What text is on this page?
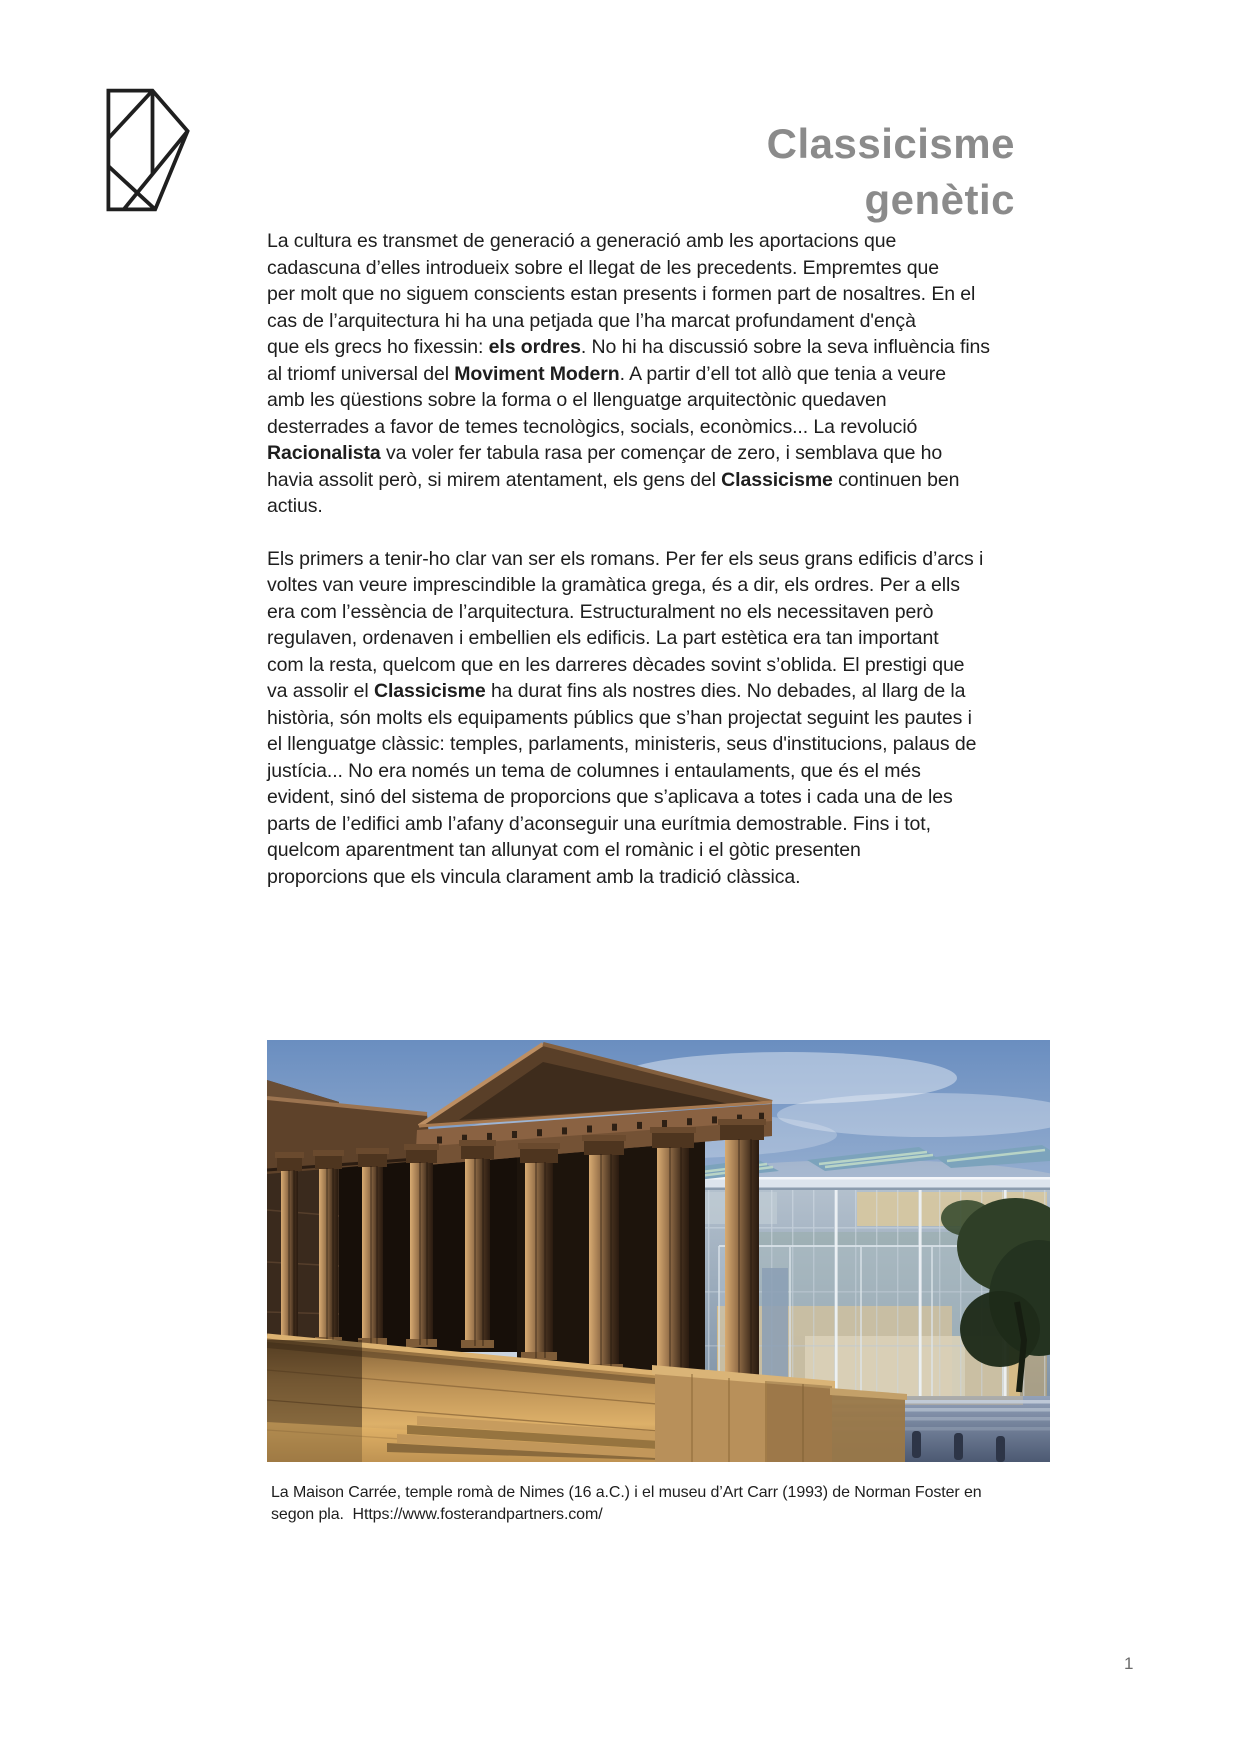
Classicisme
genètic

La cultura es transmet de generació a generació amb les aportacions que
cadascuna d’elles introdueix sobre el llegat de les precedents. Empremtes que
per molt que no siguem conscients estan presents i formen part de nosaltres. En el
cas de l’arquitectura hi ha una petjada que l’ha marcat profundament d'ençà
que els grecs ho fixessin: els ordres. No hi ha discussió sobre la seva influència fins
al triomf universal del Moviment Modern. A partir d’ell tot allò que tenia a veure
amb les qüestions sobre la forma o el llenguatge arquitectònic quedaven
desterrades a favor de temes tecnològics, socials, econòmics... La revolució
Racionalista va voler fer tabula rasa per començar de zero, i semblava que ho
havia assolit però, si mirem atentament, els gens del Classicisme continuen ben
actius.

Els primers a tenir-ho clar van ser els romans. Per fer els seus grans edificis d’arcs i
voltes van veure imprescindible la gramàtica grega, és a dir, els ordres. Per a ells
era com l’essència de l’arquitectura. Estructuralment no els necessitaven però
regulaven, ordenaven i embellien els edificis. La part estètica era tan important
com la resta, quelcom que en les darreres dècades sovint s’oblida. El prestigi que
va assolir el Classicisme ha durat fins als nostres dies. No debades, al llarg de la
història, són molts els equipaments públics que s’han projectat seguint les pautes i
el llenguatge clàssic: temples, parlaments, ministeris, seus d'institucions, palaus de
justícia... No era només un tema de columnes i entaulaments, que és el més
evident, sinó del sistema de proporcions que s’aplicava a totes i cada una de les
parts de l’edifici amb l’afany d’aconseguir una eurítmia demostrable. Fins i tot,
quelcom aparentment tan allunyat com el romànic i el gòtic presenten
proporcions que els vincula clarament amb la tradició clàssica.

La Maison Carrée, temple romà de Nimes (16 a.C.) i el museu d’Art Carr (1993) de Norman Foster en
segon pla.  Https://www.fosterandpartners.com/
1
